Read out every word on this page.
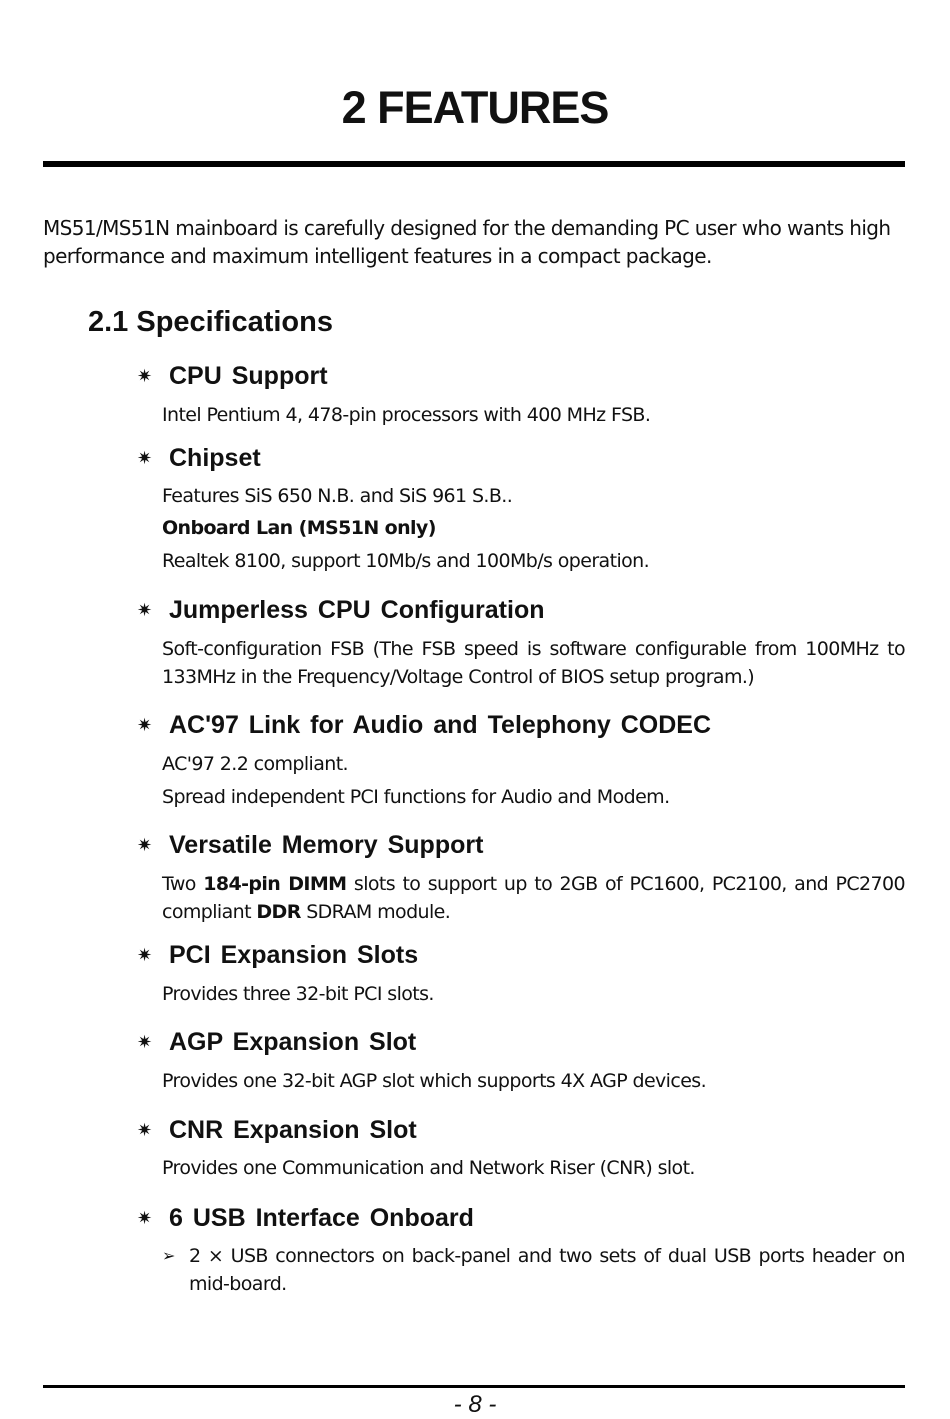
2 FEATURES

MS51/MS51N mainboard is carefully designed for the demanding PC user who wants high performance and maximum intelligent features in a compact package.

2.1 Specifications
✷ CPU Support

Intel Pentium 4, 478-pin processors with 400 MHz FSB.

✷ Chipset

Features SiS 650 N.B. and SiS 961 S.B..

Onboard Lan (MS51N only)

Realtek 8100, support 10Mb/s and 100Mb/s operation.

✷ Jumperless CPU Configuration

Soft-configuration FSB (The FSB speed is software configurable from 100MHz to 133MHz in the Frequency/Voltage Control of BIOS setup program.)

✷ AC'97 Link for Audio and Telephony CODEC

AC'97 2.2 compliant.

Spread independent PCI functions for Audio and Modem.

✷ Versatile Memory Support

Two 184-pin DIMM slots to support up to 2GB of PC1600, PC2100, and PC2700 compliant DDR SDRAM module.

✷ PCI Expansion Slots

Provides three 32-bit PCI slots.

✷ AGP Expansion Slot

Provides one 32-bit AGP slot which supports 4X AGP devices.

✷ CNR Expansion Slot

Provides one Communication and Network Riser (CNR) slot.

✷ 6 USB Interface Onboard

➢ 2 × USB connectors on back-panel and two sets of dual USB ports header on mid-board.

- 8 -
